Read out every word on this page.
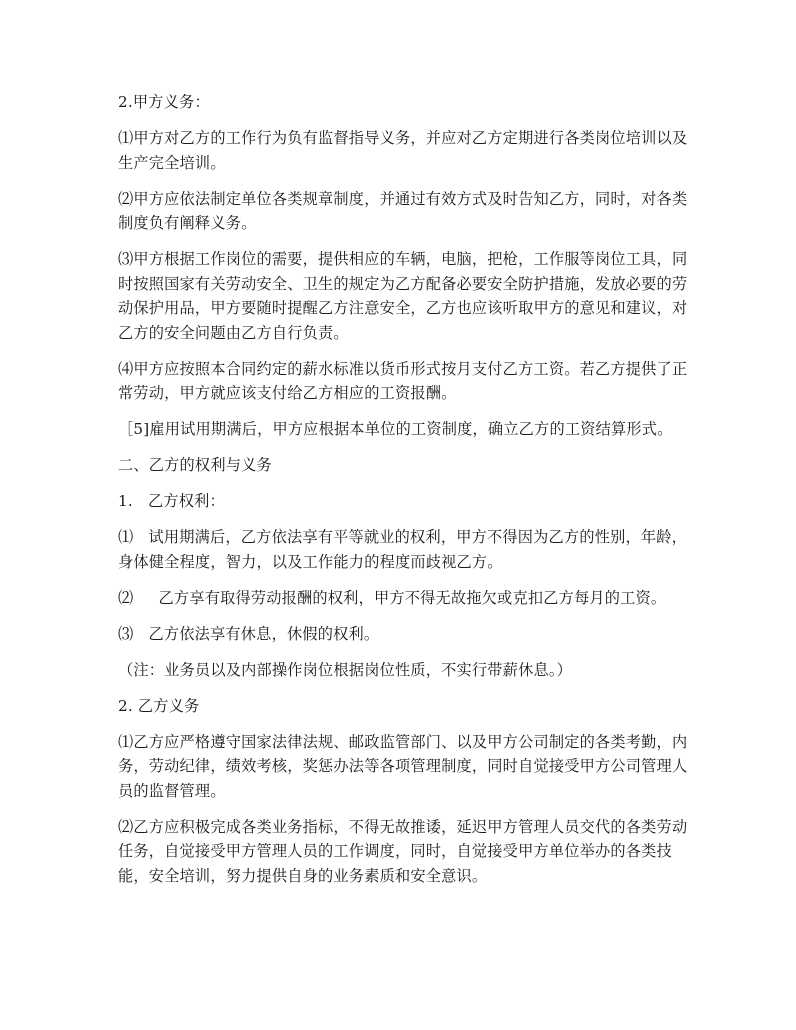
2.甲方义务：

⑴甲方对乙方的工作行为负有监督指导义务，并应对乙方定期进行各类岗位培训以及生产完全培训。

⑵甲方应依法制定单位各类规章制度，并通过有效方式及时告知乙方，同时，对各类制度负有阐释义务。

⑶甲方根据工作岗位的需要，提供相应的车辆，电脑，把枪，工作服等岗位工具，同时按照国家有关劳动安全、卫生的规定为乙方配备必要安全防护措施，发放必要的劳动保护用品，甲方要随时提醒乙方注意安全，乙方也应该听取甲方的意见和建议，对乙方的安全问题由乙方自行负责。

⑷甲方应按照本合同约定的薪水标准以货币形式按月支付乙方工资。若乙方提供了正常劳动，甲方就应该支付给乙方相应的工资报酬。

［5]雇用试用期满后，甲方应根据本单位的工资制度，确立乙方的工资结算形式。

二、乙方的权利与义务

1.   乙方权利：

⑴   试用期满后，乙方依法享有平等就业的权利，甲方不得因为乙方的性别，年龄，身体健全程度，智力，以及工作能力的程度而歧视乙方。

⑵     乙方享有取得劳动报酬的权利，甲方不得无故拖欠或克扣乙方每月的工资。

⑶   乙方依法享有休息，休假的权利。

（注：业务员以及内部操作岗位根据岗位性质，不实行带薪休息。）

2. 乙方义务

⑴乙方应严格遵守国家法律法规、邮政监管部门、以及甲方公司制定的各类考勤，内务，劳动纪律，绩效考核，奖惩办法等各项管理制度，同时自觉接受甲方公司管理人员的监督管理。

⑵乙方应积极完成各类业务指标，不得无故推诿，延迟甲方管理人员交代的各类劳动任务，自觉接受甲方管理人员的工作调度，同时，自觉接受甲方单位举办的各类技能，安全培训，努力提供自身的业务素质和安全意识。
